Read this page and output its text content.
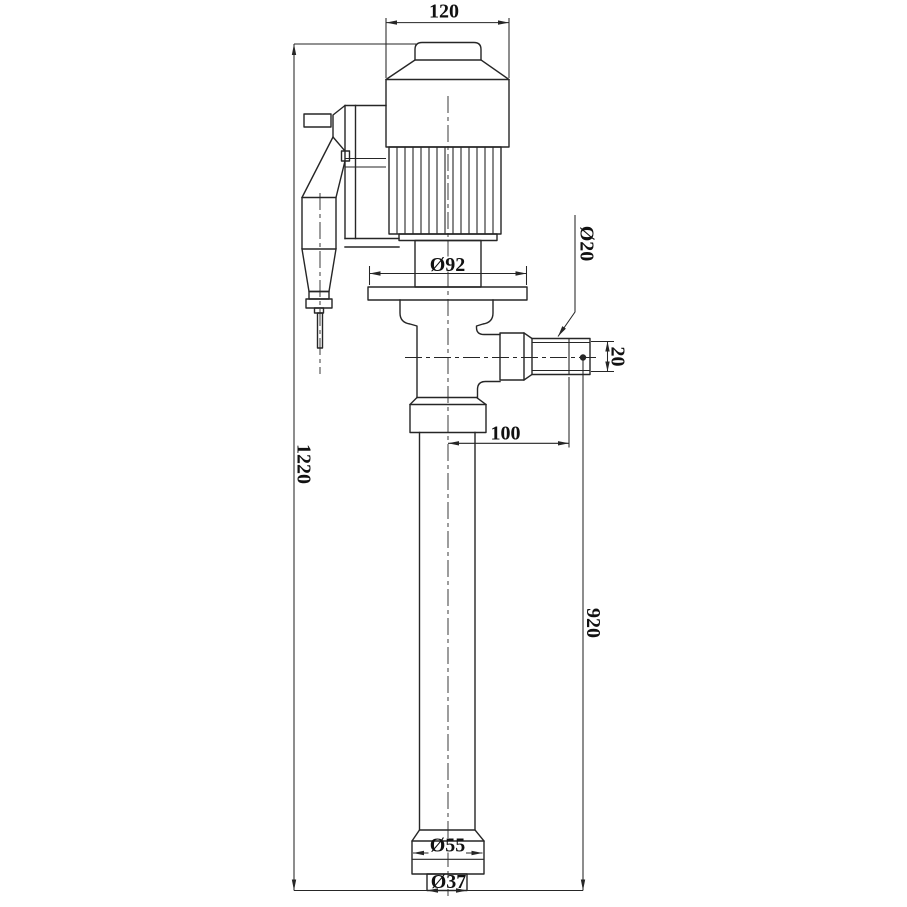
120
Ø92
Ø20
20
100
1220
920
Ø55
Ø37
